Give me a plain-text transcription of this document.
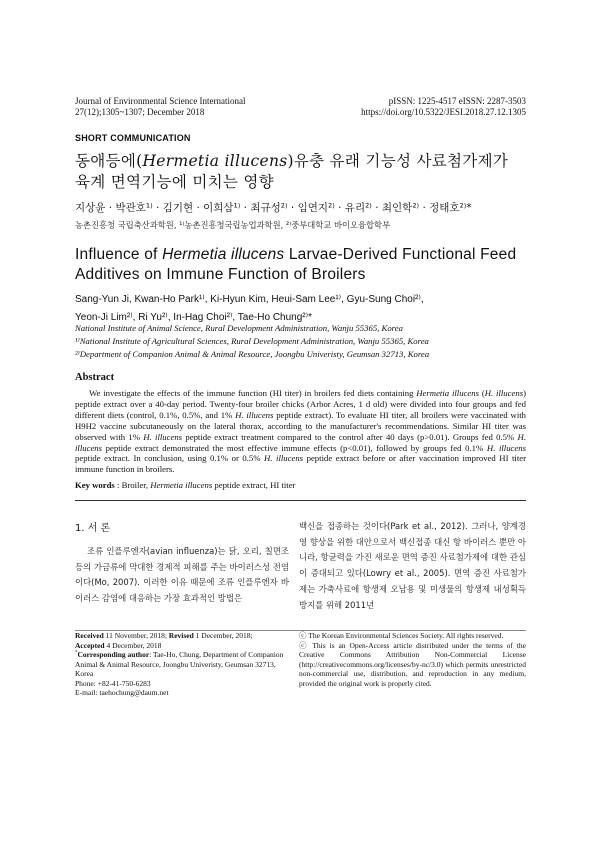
Journal of Environmental Science International
27(12);1305~1307; December 2018
pISSN: 1225-4517 eISSN: 2287-3503
https://doi.org/10.5322/JESI.2018.27.12.1305
SHORT COMMUNICATION
동애등에(Hermetia illucens)유충 유래 기능성 사료첨가제가
육계 면역기능에 미치는 영향
지상윤 · 박관호¹⁾ · 김기현 · 이희삼¹⁾ · 최규성²⁾ · 임연지²⁾ · 유리²⁾ · 최인학²⁾ · 정태호²⁾*
농촌진흥청 국립축산과학원, ¹⁾농촌진흥청국립농업과학원, ²⁾중부대학교 바이오융합학부
Influence of Hermetia illucens Larvae-Derived Functional Feed
Additives on Immune Function of Broilers
Sang-Yun Ji, Kwan-Ho Park¹⁾, Ki-Hyun Kim, Heui-Sam Lee¹⁾, Gyu-Sung Choi²⁾,
Yeon-Ji Lim²⁾, Ri Yu²⁾, In-Hag Choi²⁾, Tae-Ho Chung²⁾*
National Institute of Animal Science, Rural Development Administration, Wanju 55365, Korea
¹⁾National Institute of Agricultural Sciences, Rural Development Administration, Wanju 55365, Korea
²⁾Department of Companion Animal & Animal Resource, Joongbu Univeristy, Geumsan 32713, Korea
Abstract

We investigate the effects of the immune function (HI titer) in broilers fed diets containing Hermetia illucens (H. illucens) peptide extract over a 40-day period. Twenty-four broiler chicks (Arbor Acres, 1 d old) were divided into four groups and fed different diets (control, 0.1%, 0.5%, and 1% H. illucens peptide extract). To evaluate HI titer, all broilers were vaccinated with H9H2 vaccine subcutaneously on the lateral thorax, according to the manufacturer's recommendations. Similar HI titer was observed with 1% H. illucens peptide extract treatment compared to the control after 40 days (p>0.01). Groups fed 0.5% H. illucens peptide extract demonstrated the most effective immune effects (p<0.01), followed by groups fed 0.1% H. illucens peptide extract. In conclusion, using 0.1% or 0.5% H. illucens peptide extract before or after vaccination improved HI titer immune function in broilers.

Key words : Broiler, Hermetia illucens peptide extract, HI titer
1. 서 론

조류 인플루엔자(avian influenza)는 닭, 오리, 칠면조 등의 가금류에 막대한 경제적 피해를 주는 바이러스성 전염이다(Mo, 2007). 이러한 이유 때문에 조류 인플루엔자 바이러스 감염에 대응하는 가장 효과적인 방법은

백신을 접종하는 것이다(Park et al., 2012). 그러나, 양계경영 향상을 위한 대안으로서 백신접종 대신 항 바이러스 뿐만 아니라, 항균력을 가진 새로운 면역 증진 사료첨가제에 대한 관심이 증대되고 있다(Lowry et al., 2005). 면역 증진 사료첨가제는 가축사료에 항생제 오남용 및 미생물의 항생제 내성획득 방지를 위해 2011년

Received 11 November, 2018; Revised 1 December, 2018;
Accepted 4 December, 2018
*Corresponding author: Tae-Ho, Chung, Department of Companion Animal & Animal Resource, Joongbu Univeristy, Geumsan 32713, Korea
Phone: +82-41-750-6283
E-mail: taehochung@daum.net
ⓒ The Korean Environmental Sciences Society. All rights reserved.
ⓒ This is an Open-Access article distributed under the terms of the Creative Commons Attribution Non-Commercial License (http://creativecommons.org/licenses/by-nc/3.0) which permits unrestricted non-commercial use, distribution, and reproduction in any medium, provided the original work is properly cited.
